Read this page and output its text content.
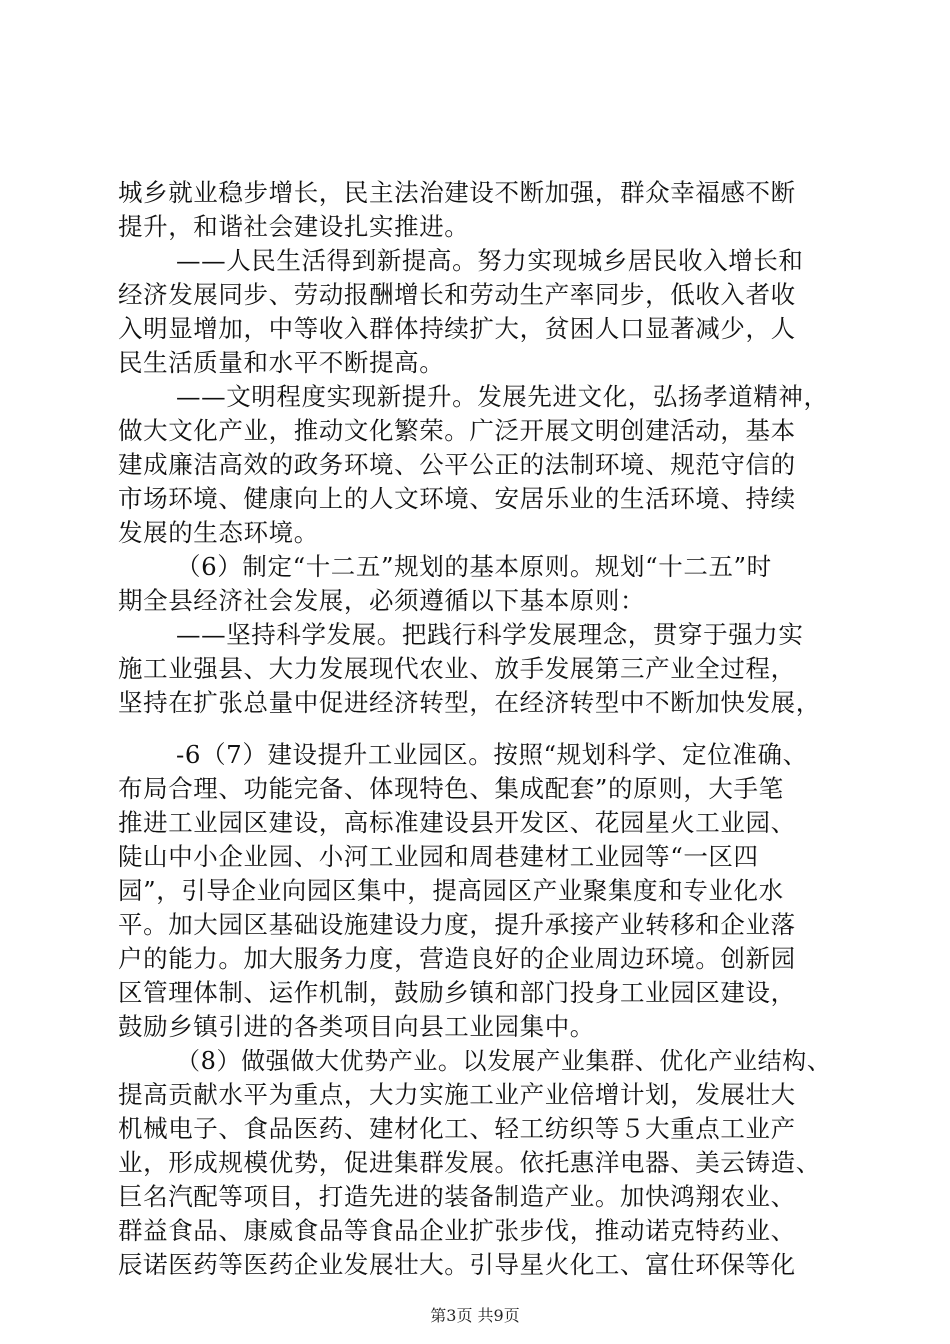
城乡就业稳步增长，民主法治建设不断加强，群众幸福感不断
提升，和谐社会建设扎实推进。
——人民生活得到新提高。努力实现城乡居民收入增长和
经济发展同步、劳动报酬增长和劳动生产率同步，低收入者收
入明显增加，中等收入群体持续扩大，贫困人口显著减少，人
民生活质量和水平不断提高。
——文明程度实现新提升。发展先进文化，弘扬孝道精神，
做大文化产业，推动文化繁荣。广泛开展文明创建活动，基本
建成廉洁高效的政务环境、公平公正的法制环境、规范守信的
市场环境、健康向上的人文环境、安居乐业的生活环境、持续
发展的生态环境。
（6）制定“十二五”规划的基本原则。规划“十二五”时
期全县经济社会发展，必须遵循以下基本原则：
——坚持科学发展。把践行科学发展理念，贯穿于强力实
施工业强县、大力发展现代农业、放手发展第三产业全过程，
坚持在扩张总量中促进经济转型，在经济转型中不断加快发展，
-6（7）建设提升工业园区。按照“规划科学、定位准确、
布局合理、功能完备、体现特色、集成配套”的原则，大手笔
推进工业园区建设，高标准建设县开发区、花园星火工业园、
陡山中小企业园、小河工业园和周巷建材工业园等“一区四
园”，引导企业向园区集中，提高园区产业聚集度和专业化水
平。加大园区基础设施建设力度，提升承接产业转移和企业落
户的能力。加大服务力度，营造良好的企业周边环境。创新园
区管理体制、运作机制，鼓励乡镇和部门投身工业园区建设，
鼓励乡镇引进的各类项目向县工业园集中。
（8）做强做大优势产业。以发展产业集群、优化产业结构、
提高贡献水平为重点，大力实施工业产业倍增计划，发展壮大
机械电子、食品医药、建材化工、轻工纺织等５大重点工业产
业，形成规模优势，促进集群发展。依托惠洋电器、美云铸造、
巨名汽配等项目，打造先进的装备制造产业。加快鸿翔农业、
群益食品、康威食品等食品企业扩张步伐，推动诺克特药业、
辰诺医药等医药企业发展壮大。引导星火化工、富仕环保等化
第3页 共9页
